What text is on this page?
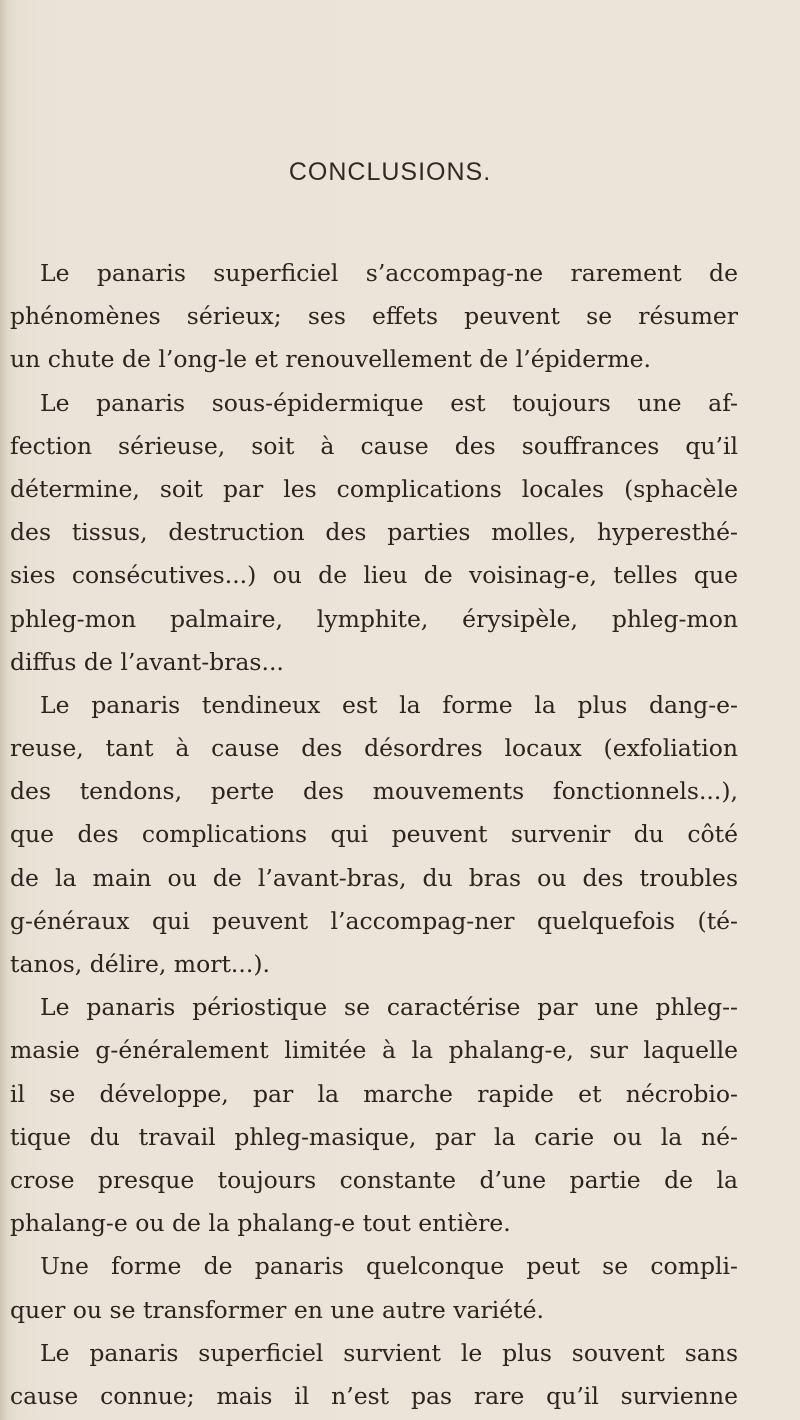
CONCLUSIONS.
Le panaris superficiel s’accompag‑ne rarement de
phénomènes sérieux; ses effets peuvent se résumer
un chute de l’ong‑le et renouvellement de l’épiderme.
Le panaris sous-épidermique est toujours une af-
fection sérieuse, soit à cause des souffrances qu’il
détermine, soit par les complications locales (sphacèle
des tissus, destruction des parties molles, hyperesthé-
sies consécutives...) ou de lieu de voisinag‑e, telles que
phleg‑mon palmaire, lymphite, érysipèle, phleg‑mon
diffus de l’avant-bras...
Le panaris tendineux est la forme la plus dang‑e-
reuse, tant à cause des désordres locaux (exfoliation
des tendons, perte des mouvements fonctionnels...),
que des complications qui peuvent survenir du côté
de la main ou de l’avant-bras, du bras ou des troubles
g‑énéraux qui peuvent l’accompag‑ner quelquefois (té-
tanos, délire, mort...).
Le panaris périostique se caractérise par une phleg‑-
masie g‑énéralement limitée à la phalang‑e, sur laquelle
il se développe, par la marche rapide et nécrobio-
tique du travail phleg‑masique, par la carie ou la né-
crose presque toujours constante d’une partie de la
phalang‑e ou de la phalang‑e tout entière.
Une forme de panaris quelconque peut se compli-
quer ou se transformer en une autre variété.
Le panaris superficiel survient le plus souvent sans
cause connue; mais il n’est pas rare qu’il survienne
